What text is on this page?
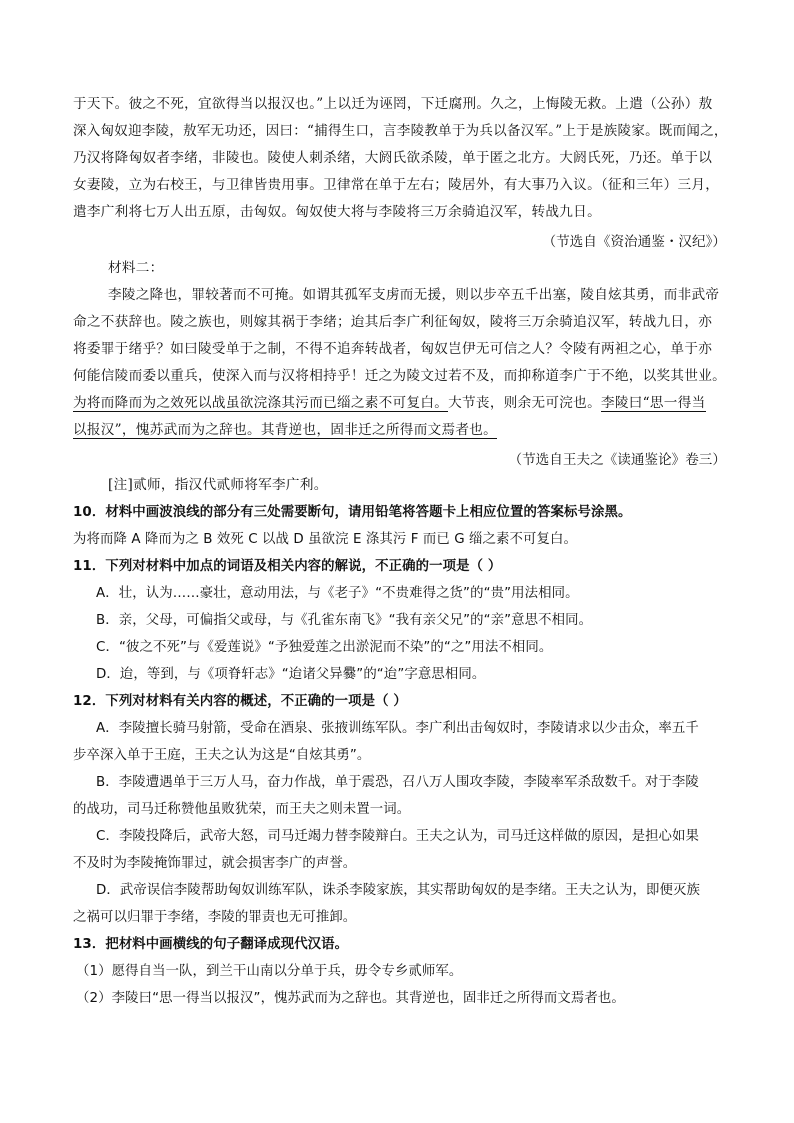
于天下。彼之不死，宜欲得当以报汉也。”上以迁为诬罔，下迁腐刑。久之，上悔陵无救。上遣（公孙）敖
深入匈奴迎李陵，敖军无功还，因曰：“捕得生口，言李陵教单于为兵以备汉军。”上于是族陵家。既而闻之，
乃汉将降匈奴者李绪，非陵也。陵使人刺杀绪，大阏氏欲杀陵，单于匿之北方。大阏氏死，乃还。单于以
女妻陵，立为右校王，与卫律皆贵用事。卫律常在单于左右；陵居外，有大事乃入议。（征和三年）三月，
遣李广利将七万人出五原，击匈奴。匈奴使大将与李陵将三万余骑追汉军，转战九日。
（节选自《资治通鉴・汉纪》）
材料二：
李陵之降也，罪较著而不可掩。如谓其孤军支虏而无援，则以步卒五千出塞，陵自炫其勇，而非武帝
命之不获辞也。陵之族也，则嫁其祸于李绪；迨其后李广利征匈奴，陵将三万余骑追汉军，转战九日，亦
将委罪于绪乎？如曰陵受单于之制，不得不追奔转战者，匈奴岂伊无可信之人？令陵有两袒之心，单于亦
何能信陵而委以重兵，使深入而与汉将相持乎！迁之为陵文过若不及，而抑称道李广于不绝，以奖其世业。
为将而降而为之效死以战虽欲浣涤其污而已缁之素不可复白。大节丧，则余无可浣也。李陵曰“思一得当
以报汉”，愧苏武而为之辞也。其背逆也，固非迁之所得而文焉者也。
（节选自王夫之《读通鉴论》卷三）
[注]贰师，指汉代贰师将军李广利。
10．材料中画波浪线的部分有三处需要断句，请用铅笔将答题卡上相应位置的答案标号涂黑。
为将而降 A 降而为之 B 效死 C 以战 D 虽欲浣 E 涤其污 F 而已 G 缁之素不可复白。
11．下列对材料中加点的词语及相关内容的解说，不正确的一项是（ ）
A．壮，认为……豪壮，意动用法，与《老子》“不贵难得之货”的“贵”用法相同。
B．亲，父母，可偏指父或母，与《孔雀东南飞》“我有亲父兄”的“亲”意思不相同。
C．“彼之不死”与《爱莲说》“予独爱莲之出淤泥而不染”的“之”用法不相同。
D．迨，等到，与《项脊轩志》“迨诸父异爨”的“迨”字意思相同。
12．下列对材料有关内容的概述，不正确的一项是（ ）
A．李陵擅长骑马射箭，受命在酒泉、张掖训练军队。李广利出击匈奴时，李陵请求以少击众，率五千
步卒深入单于王庭，王夫之认为这是“自炫其勇”。
B．李陵遭遇单于三万人马，奋力作战，单于震恐，召八万人围攻李陵，李陵率军杀敌数千。对于李陵
的战功，司马迁称赞他虽败犹荣，而王夫之则未置一词。
C．李陵投降后，武帝大怒，司马迁竭力替李陵辩白。王夫之认为，司马迁这样做的原因，是担心如果
不及时为李陵掩饰罪过，就会损害李广的声誉。
D．武帝误信李陵帮助匈奴训练军队，诛杀李陵家族，其实帮助匈奴的是李绪。王夫之认为，即便灭族
之祸可以归罪于李绪，李陵的罪责也无可推卸。
13．把材料中画横线的句子翻译成现代汉语。
（1）愿得自当一队，到兰干山南以分单于兵，毋令专乡贰师军。
（2）李陵曰“思一得当以报汉”，愧苏武而为之辞也。其背逆也，固非迁之所得而文焉者也。
